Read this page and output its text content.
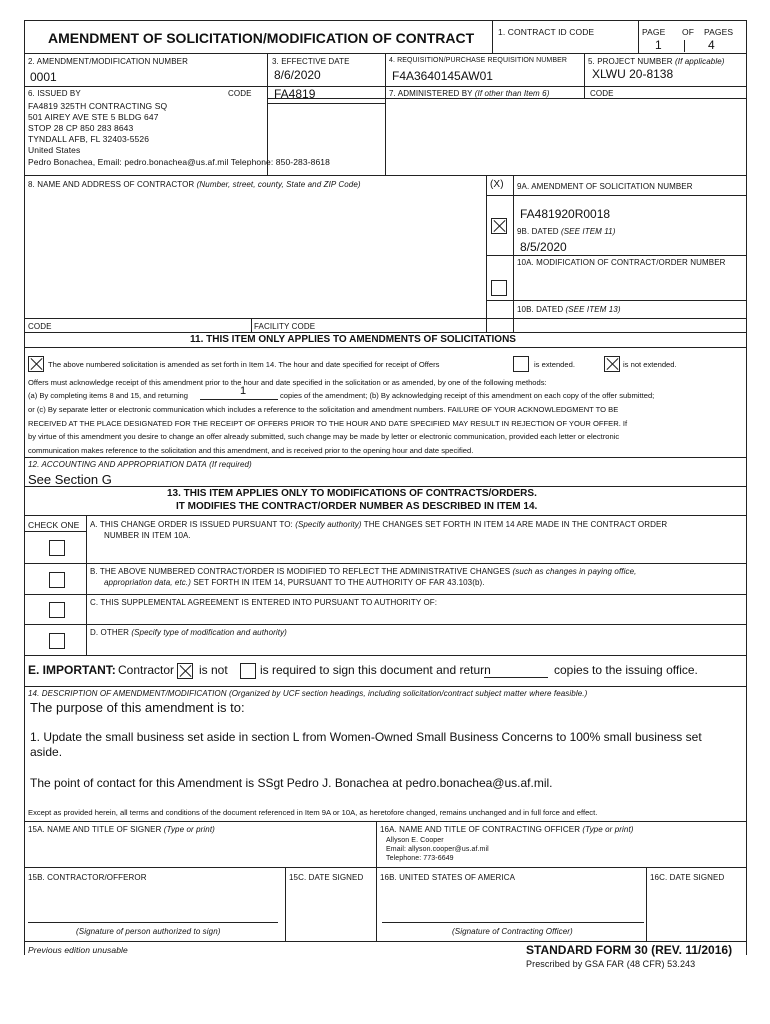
AMENDMENT OF SOLICITATION/MODIFICATION OF CONTRACT	1. CONTRACT ID CODE	PAGE OF PAGES
1	4
2. AMENDMENT/MODIFICATION NUMBER
0001
3. EFFECTIVE DATE
8/6/2020
4. REQUISITION/PURCHASE REQUISITION NUMBER
F4A3640145AW01
5. PROJECT NUMBER (If applicable)
XLWU 20-8138
6. ISSUED BY	CODE FA4819	7. ADMINISTERED BY (If other than Item 6)	CODE
FA4819 325TH CONTRACTING SQ
501 AIREY AVE STE 5 BLDG 647
STOP 28 CP 850 283 8643
TYNDALL AFB, FL 32403-5526
United States
Pedro Bonachea, Email: pedro.bonachea@us.af.mil Telephone: 850-283-8618
8. NAME AND ADDRESS OF CONTRACTOR (Number, street, county, State and ZIP Code)	(X) 9A. AMENDMENT OF SOLICITATION NUMBER
FA481920R0018
9B. DATED (SEE ITEM 11)
8/5/2020
10A. MODIFICATION OF CONTRACT/ORDER NUMBER
10B. DATED (SEE ITEM 13)
CODE	FACILITY CODE
11. THIS ITEM ONLY APPLIES TO AMENDMENTS OF SOLICITATIONS
The above numbered solicitation is amended as set forth in Item 14. The hour and date specified for receipt of Offers	is extended.	is not extended.
Offers must acknowledge receipt of this amendment prior to the hour and date specified in the solicitation or as amended, by one of the following methods:
(a) By completing items 8 and 15, and returning	1	copies of the amendment; (b) By acknowledging receipt of this amendment on each copy of the offer submitted;
or (c) By separate letter or electronic communication which includes a reference to the solicitation and amendment numbers. FAILURE OF YOUR ACKNOWLEDGMENT TO BE
RECEIVED AT THE PLACE DESIGNATED FOR THE RECEIPT OF OFFERS PRIOR TO THE HOUR AND DATE SPECIFIED MAY RESULT IN REJECTION OF YOUR OFFER. If
by virtue of this amendment you desire to change an offer already submitted, such change may be made by letter or electronic communication, provided each letter or electronic
communication makes reference to the solicitation and this amendment, and is received prior to the opening hour and date specified.
12. ACCOUNTING AND APPROPRIATION DATA (If required)
See Section G
13. THIS ITEM APPLIES ONLY TO MODIFICATIONS OF CONTRACTS/ORDERS.
IT MODIFIES THE CONTRACT/ORDER NUMBER AS DESCRIBED IN ITEM 14.
CHECK ONE A. THIS CHANGE ORDER IS ISSUED PURSUANT TO: (Specify authority) THE CHANGES SET FORTH IN ITEM 14 ARE MADE IN THE CONTRACT ORDER
NUMBER IN ITEM 10A.
B. THE ABOVE NUMBERED CONTRACT/ORDER IS MODIFIED TO REFLECT THE ADMINISTRATIVE CHANGES (such as changes in paying office,
appropriation data, etc.) SET FORTH IN ITEM 14, PURSUANT TO THE AUTHORITY OF FAR 43.103(b).
C. THIS SUPPLEMENTAL AGREEMENT IS ENTERED INTO PURSUANT TO AUTHORITY OF:
D. OTHER (Specify type of modification and authority)
E. IMPORTANT: Contractor is not	is required to sign this document and return	copies to the issuing office.
14. DESCRIPTION OF AMENDMENT/MODIFICATION (Organized by UCF section headings, including solicitation/contract subject matter where feasible.)
The purpose of this amendment is to:
1. Update the small business set aside in section L from Women-Owned Small Business Concerns to 100% small business set aside.
The point of contact for this Amendment is SSgt Pedro J. Bonachea at pedro.bonachea@us.af.mil.
Except as provided herein, all terms and conditions of the document referenced in Item 9A or 10A, as heretofore changed, remains unchanged and in full force and effect.
15A. NAME AND TITLE OF SIGNER (Type or print)	16A. NAME AND TITLE OF CONTRACTING OFFICER (Type or print)
Allyson E. Cooper
Email: allyson.cooper@us.af.mil
Telephone: 773-6649
15B. CONTRACTOR/OFFEROR	15C. DATE SIGNED 16B. UNITED STATES OF AMERICA	16C. DATE SIGNED
(Signature of person authorized to sign)	(Signature of Contracting Officer)
Previous edition unusable	STANDARD FORM 30 (REV. 11/2016)
Prescribed by GSA FAR (48 CFR) 53.243
